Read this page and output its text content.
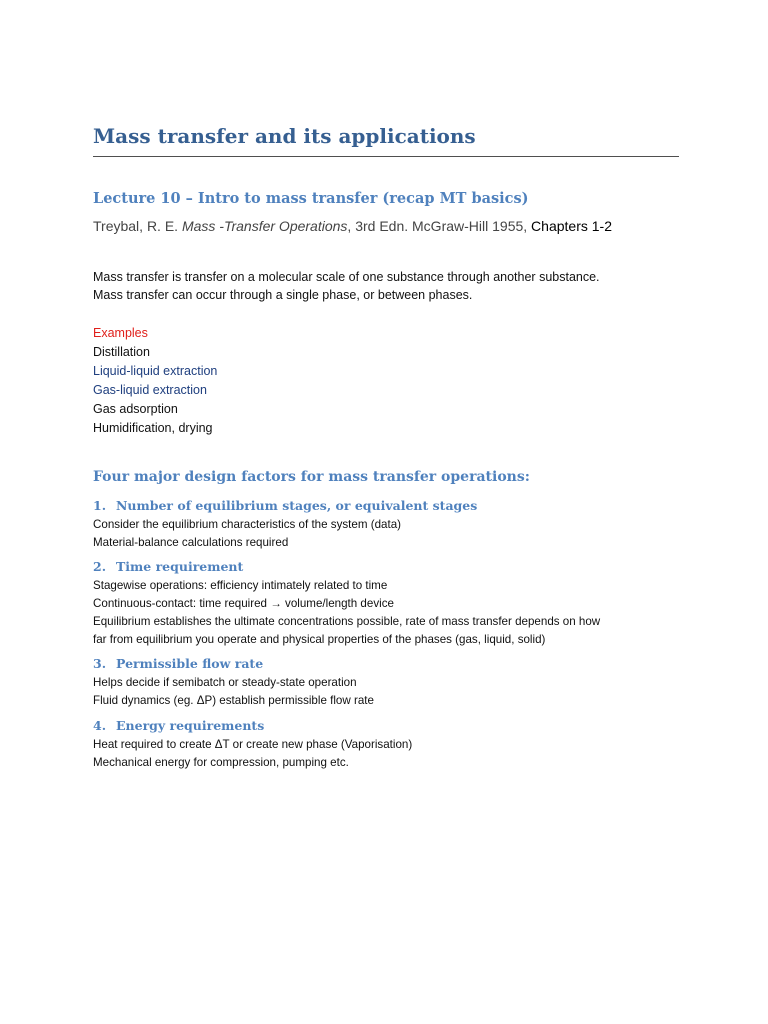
Mass transfer and its applications
Lecture 10 – Intro to mass transfer (recap MT basics)
Treybal, R. E. Mass -Transfer Operations, 3rd Edn. McGraw-Hill 1955, Chapters 1-2

Mass transfer is transfer on a molecular scale of one substance through another substance.

Mass transfer can occur through a single phase, or between phases.

Examples
Distillation
Liquid-liquid extraction
Gas-liquid extraction
Gas adsorption
Humidification, drying
Four major design factors for mass transfer operations:
1. Number of equilibrium stages, or equivalent stages
Consider the equilibrium characteristics of the system (data)
Material-balance calculations required
2. Time requirement
Stagewise operations: efficiency intimately related to time
Continuous-contact: time required → volume/length device
Equilibrium establishes the ultimate concentrations possible, rate of mass transfer depends on how
far from equilibrium you operate and physical properties of the phases (gas, liquid, solid)
3. Permissible flow rate
Helps decide if semibatch or steady-state operation
Fluid dynamics (eg. ΔP) establish permissible flow rate
4. Energy requirements
Heat required to create ΔT or create new phase (Vaporisation)
Mechanical energy for compression, pumping etc.
